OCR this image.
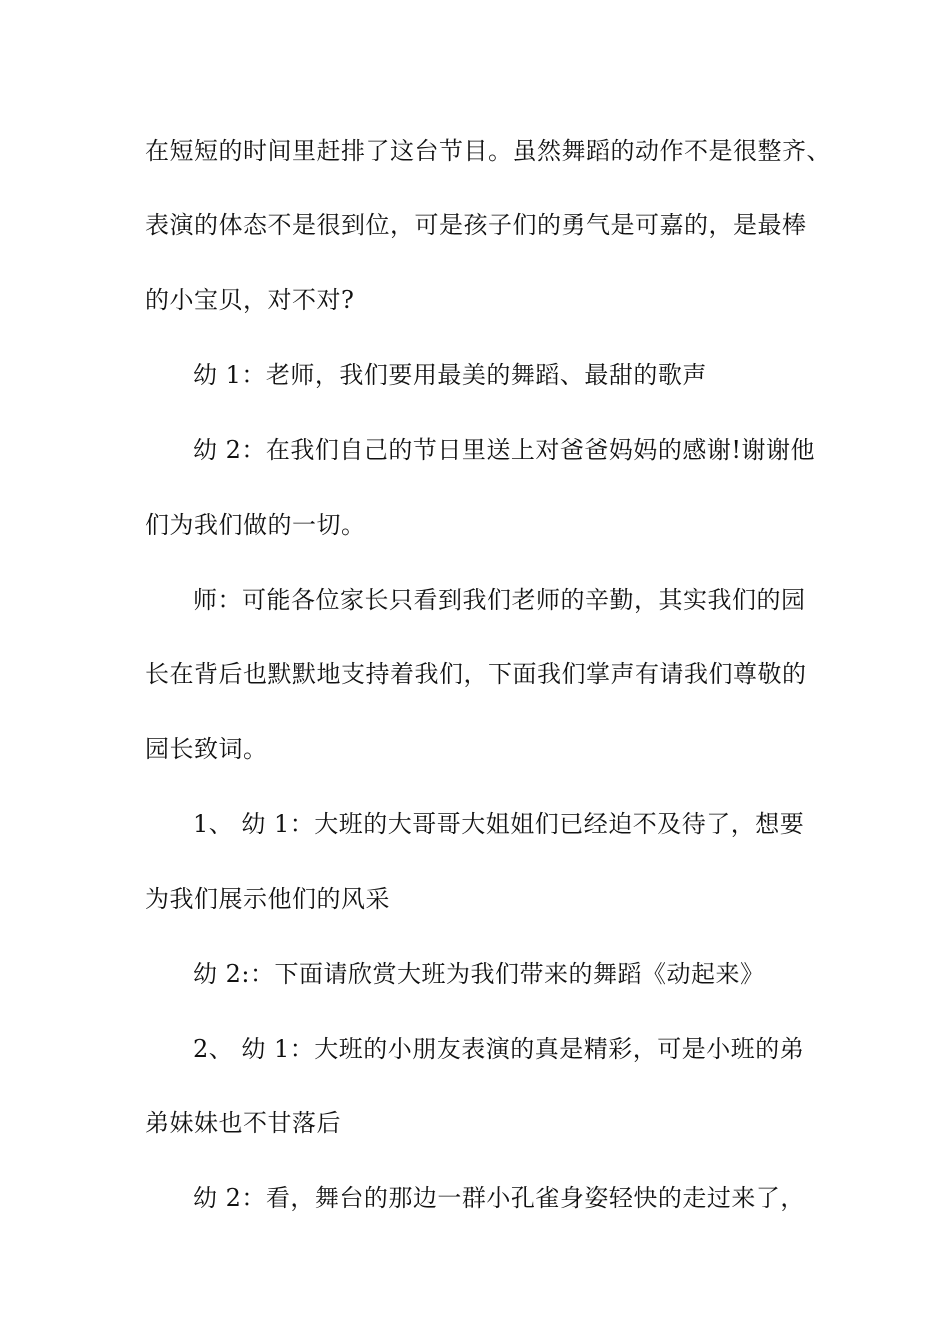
在短短的时间里赶排了这台节目。虽然舞蹈的动作不是很整齐、
表演的体态不是很到位，可是孩子们的勇气是可嘉的，是最棒
的小宝贝，对不对?
幼 1：老师，我们要用最美的舞蹈、最甜的歌声
幼 2：在我们自己的节日里送上对爸爸妈妈的感谢!谢谢他
们为我们做的一切。
师：可能各位家长只看到我们老师的辛勤，其实我们的园
长在背后也默默地支持着我们，下面我们掌声有请我们尊敬的
园长致词。
1、 幼 1：大班的大哥哥大姐姐们已经迫不及待了，想要
为我们展示他们的风采
幼 2:：下面请欣赏大班为我们带来的舞蹈《动起来》
2、 幼 1：大班的小朋友表演的真是精彩，可是小班的弟
弟妹妹也不甘落后
幼 2：看，舞台的那边一群小孔雀身姿轻快的走过来了，
